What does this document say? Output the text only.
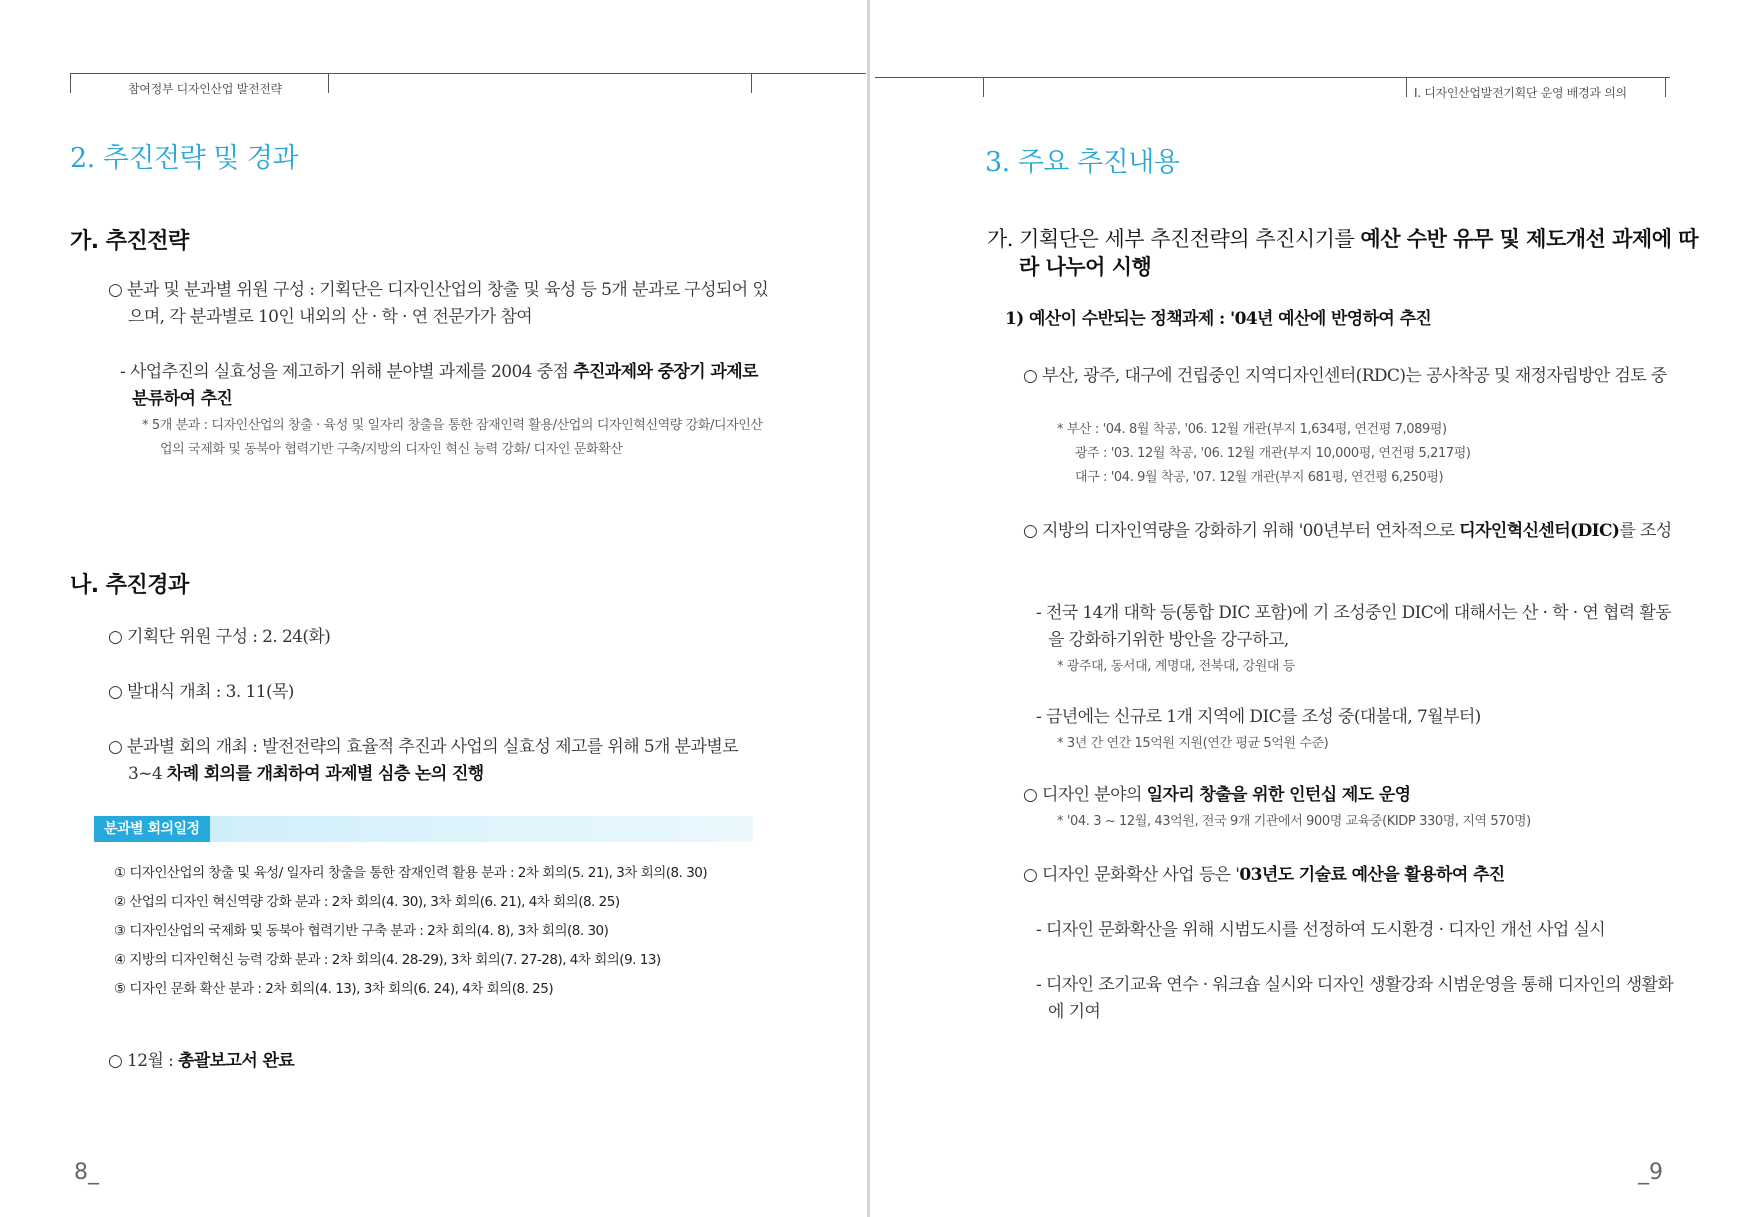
참여정부 디자인산업 발전전략
2. 추진전략 및 경과
가. 추진전략
○ 분과 및 분과별 위원 구성 : 기획단은 디자인산업의 창출 및 육성 등 5개 분과로 구성되어 있으며, 각 분과별로 10인 내외의 산 · 학 · 연 전문가가 참여
- 사업추진의 실효성을 제고하기 위해 분야별 과제를 2004 중점 추진과제와 중장기 과제로 분류하여 추진
* 5개 분과 : 디자인산업의 창출 · 육성 및 일자리 창출을 통한 잠재인력 활용/산업의 디자인혁신역량 강화/디자인산업의 국제화 및 동북아 협력기반 구축/지방의 디자인 혁신 능력 강화/ 디자인 문화확산
나. 추진경과
○ 기획단 위원 구성 : 2. 24(화)
○ 발대식 개최 : 3. 11(목)
○ 분과별 회의 개최 : 발전전략의 효율적 추진과 사업의 실효성 제고를 위해 5개 분과별로 3~4 차례 회의를 개최하여 과제별 심층 논의 진행
분과별 회의일정
① 디자인산업의 창출 및 육성/ 일자리 창출을 통한 잠재인력 활용 분과 : 2차 회의(5. 21), 3차 회의(8. 30)
② 산업의 디자인 혁신역량 강화 분과 : 2차 회의(4. 30), 3차 회의(6. 21), 4차 회의(8. 25)
③ 디자인산업의 국제화 및 동북아 협력기반 구축 분과 : 2차 회의(4. 8), 3차 회의(8. 30)
④ 지방의 디자인혁신 능력 강화 분과 : 2차 회의(4. 28-29), 3차 회의(7. 27-28), 4차 회의(9. 13)
⑤ 디자인 문화 확산 분과 : 2차 회의(4. 13), 3차 회의(6. 24), 4차 회의(8. 25)
○ 12월 : 총괄보고서 완료
8_
Ⅰ. 디자인산업발전기획단 운영 배경과 의의
3. 주요 추진내용
가. 기획단은 세부 추진전략의 추진시기를 예산 수반 유무 및 제도개선 과제에 따라 나누어 시행
1) 예산이 수반되는 정책과제 : '04년 예산에 반영하여 추진
○ 부산, 광주, 대구에 건립중인 지역디자인센터(RDC)는 공사착공 및 재정자립방안 검토 중
* 부산 : '04. 8월 착공, '06. 12월 개관(부지 1,634평, 연건평 7,089평)
광주 : '03. 12월 착공, '06. 12월 개관(부지 10,000평, 연건평 5,217평)
대구 : '04. 9월 착공, '07. 12월 개관(부지 681평, 연건평 6,250평)
○ 지방의 디자인역량을 강화하기 위해 '00년부터 연차적으로 디자인혁신센터(DIC)를 조성
- 전국 14개 대학 등(통합 DIC 포함)에 기 조성중인 DIC에 대해서는 산 · 학 · 연 협력 활동을 강화하기위한 방안을 강구하고,
* 광주대, 동서대, 계명대, 전북대, 강원대 등
- 금년에는 신규로 1개 지역에 DIC를 조성 중(대불대, 7월부터)
* 3년 간 연간 15억원 지원(연간 평균 5억원 수준)
○ 디자인 분야의 일자리 창출을 위한 인턴십 제도 운영
* '04. 3 ~ 12월, 43억원, 전국 9개 기관에서 900명 교육중(KIDP 330명, 지역 570명)
○ 디자인 문화확산 사업 등은 '03년도 기술료 예산을 활용하여 추진
- 디자인 문화확산을 위해 시범도시를 선정하여 도시환경 · 디자인 개선 사업 실시
- 디자인 조기교육 연수 · 워크숍 실시와 디자인 생활강좌 시범운영을 통해 디자인의 생활화에 기여
_9
